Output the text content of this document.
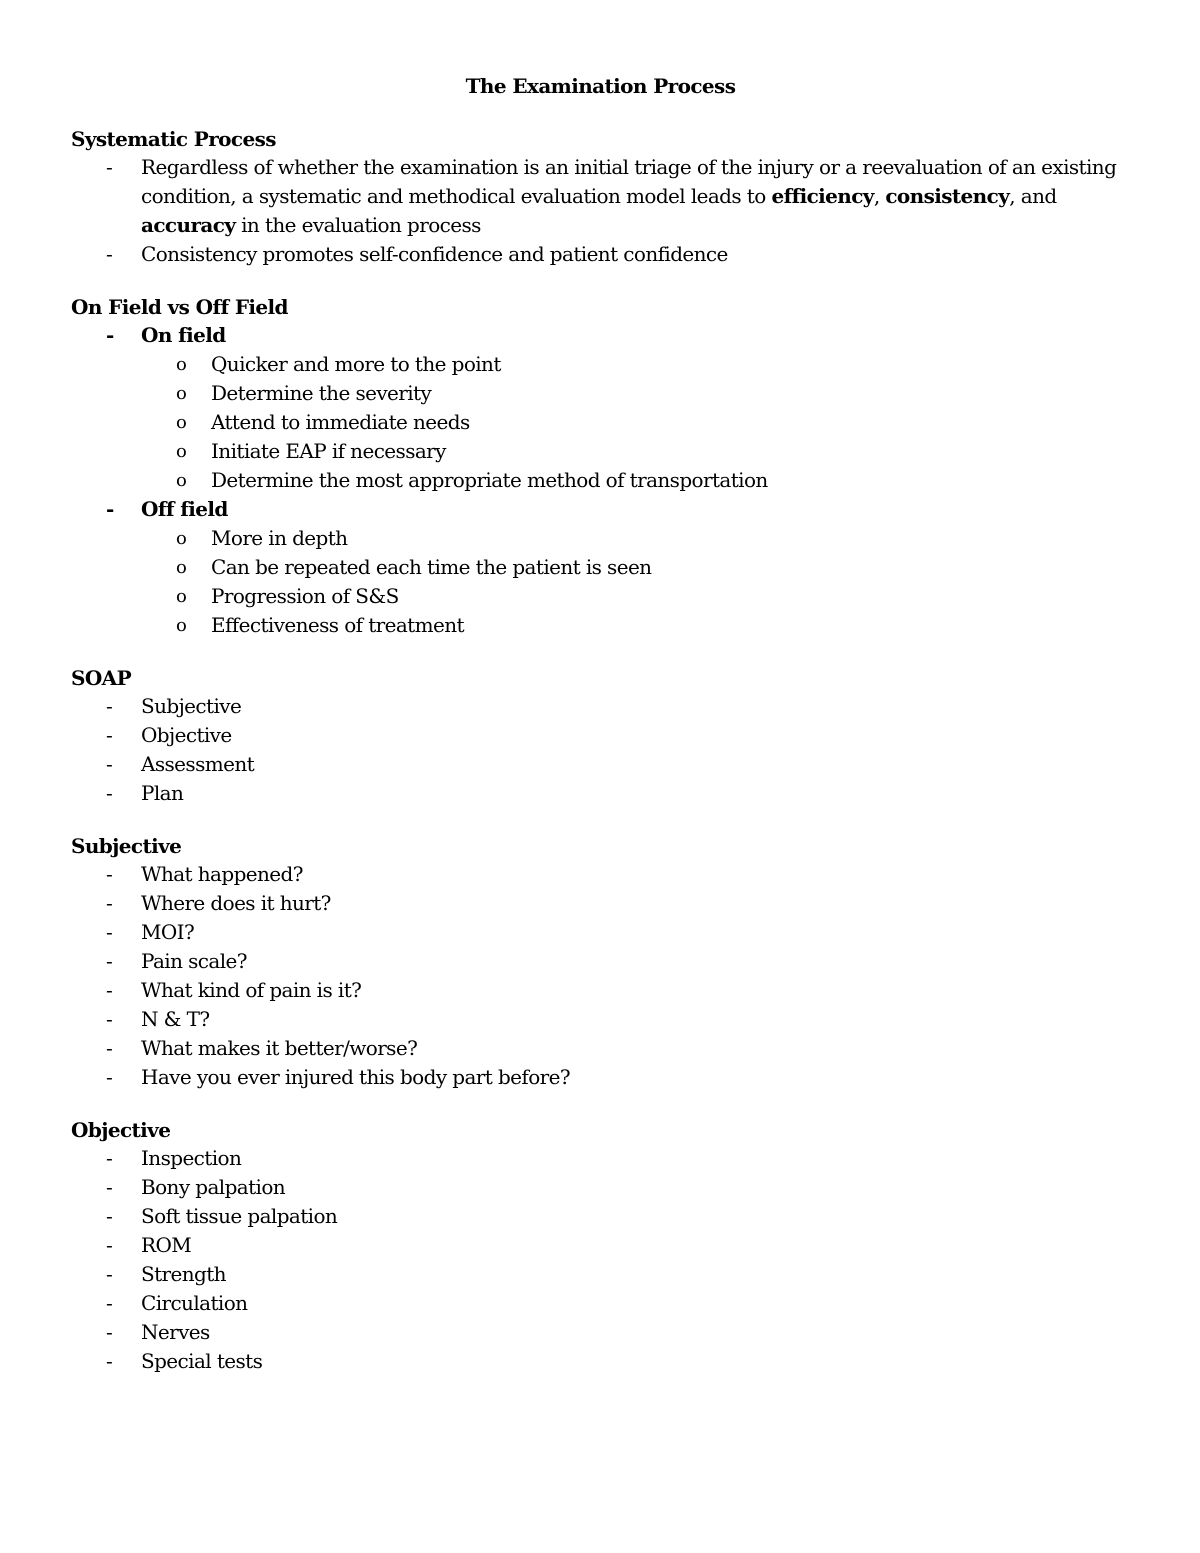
The Examination Process
Systematic Process
- Regardless of whether the examination is an initial triage of the injury or a reevaluation of an existing condition, a systematic and methodical evaluation model leads to efficiency, consistency, and accuracy in the evaluation process
- Consistency promotes self-confidence and patient confidence
On Field vs Off Field
- On field
o Quicker and more to the point
o Determine the severity
o Attend to immediate needs
o Initiate EAP if necessary
o Determine the most appropriate method of transportation
- Off field
o More in depth
o Can be repeated each time the patient is seen
o Progression of S&S
o Effectiveness of treatment
SOAP
- Subjective
- Objective
- Assessment
- Plan
Subjective
- What happened?
- Where does it hurt?
- MOI?
- Pain scale?
- What kind of pain is it?
- N & T?
- What makes it better/worse?
- Have you ever injured this body part before?
Objective
- Inspection
- Bony palpation
- Soft tissue palpation
- ROM
- Strength
- Circulation
- Nerves
- Special tests
